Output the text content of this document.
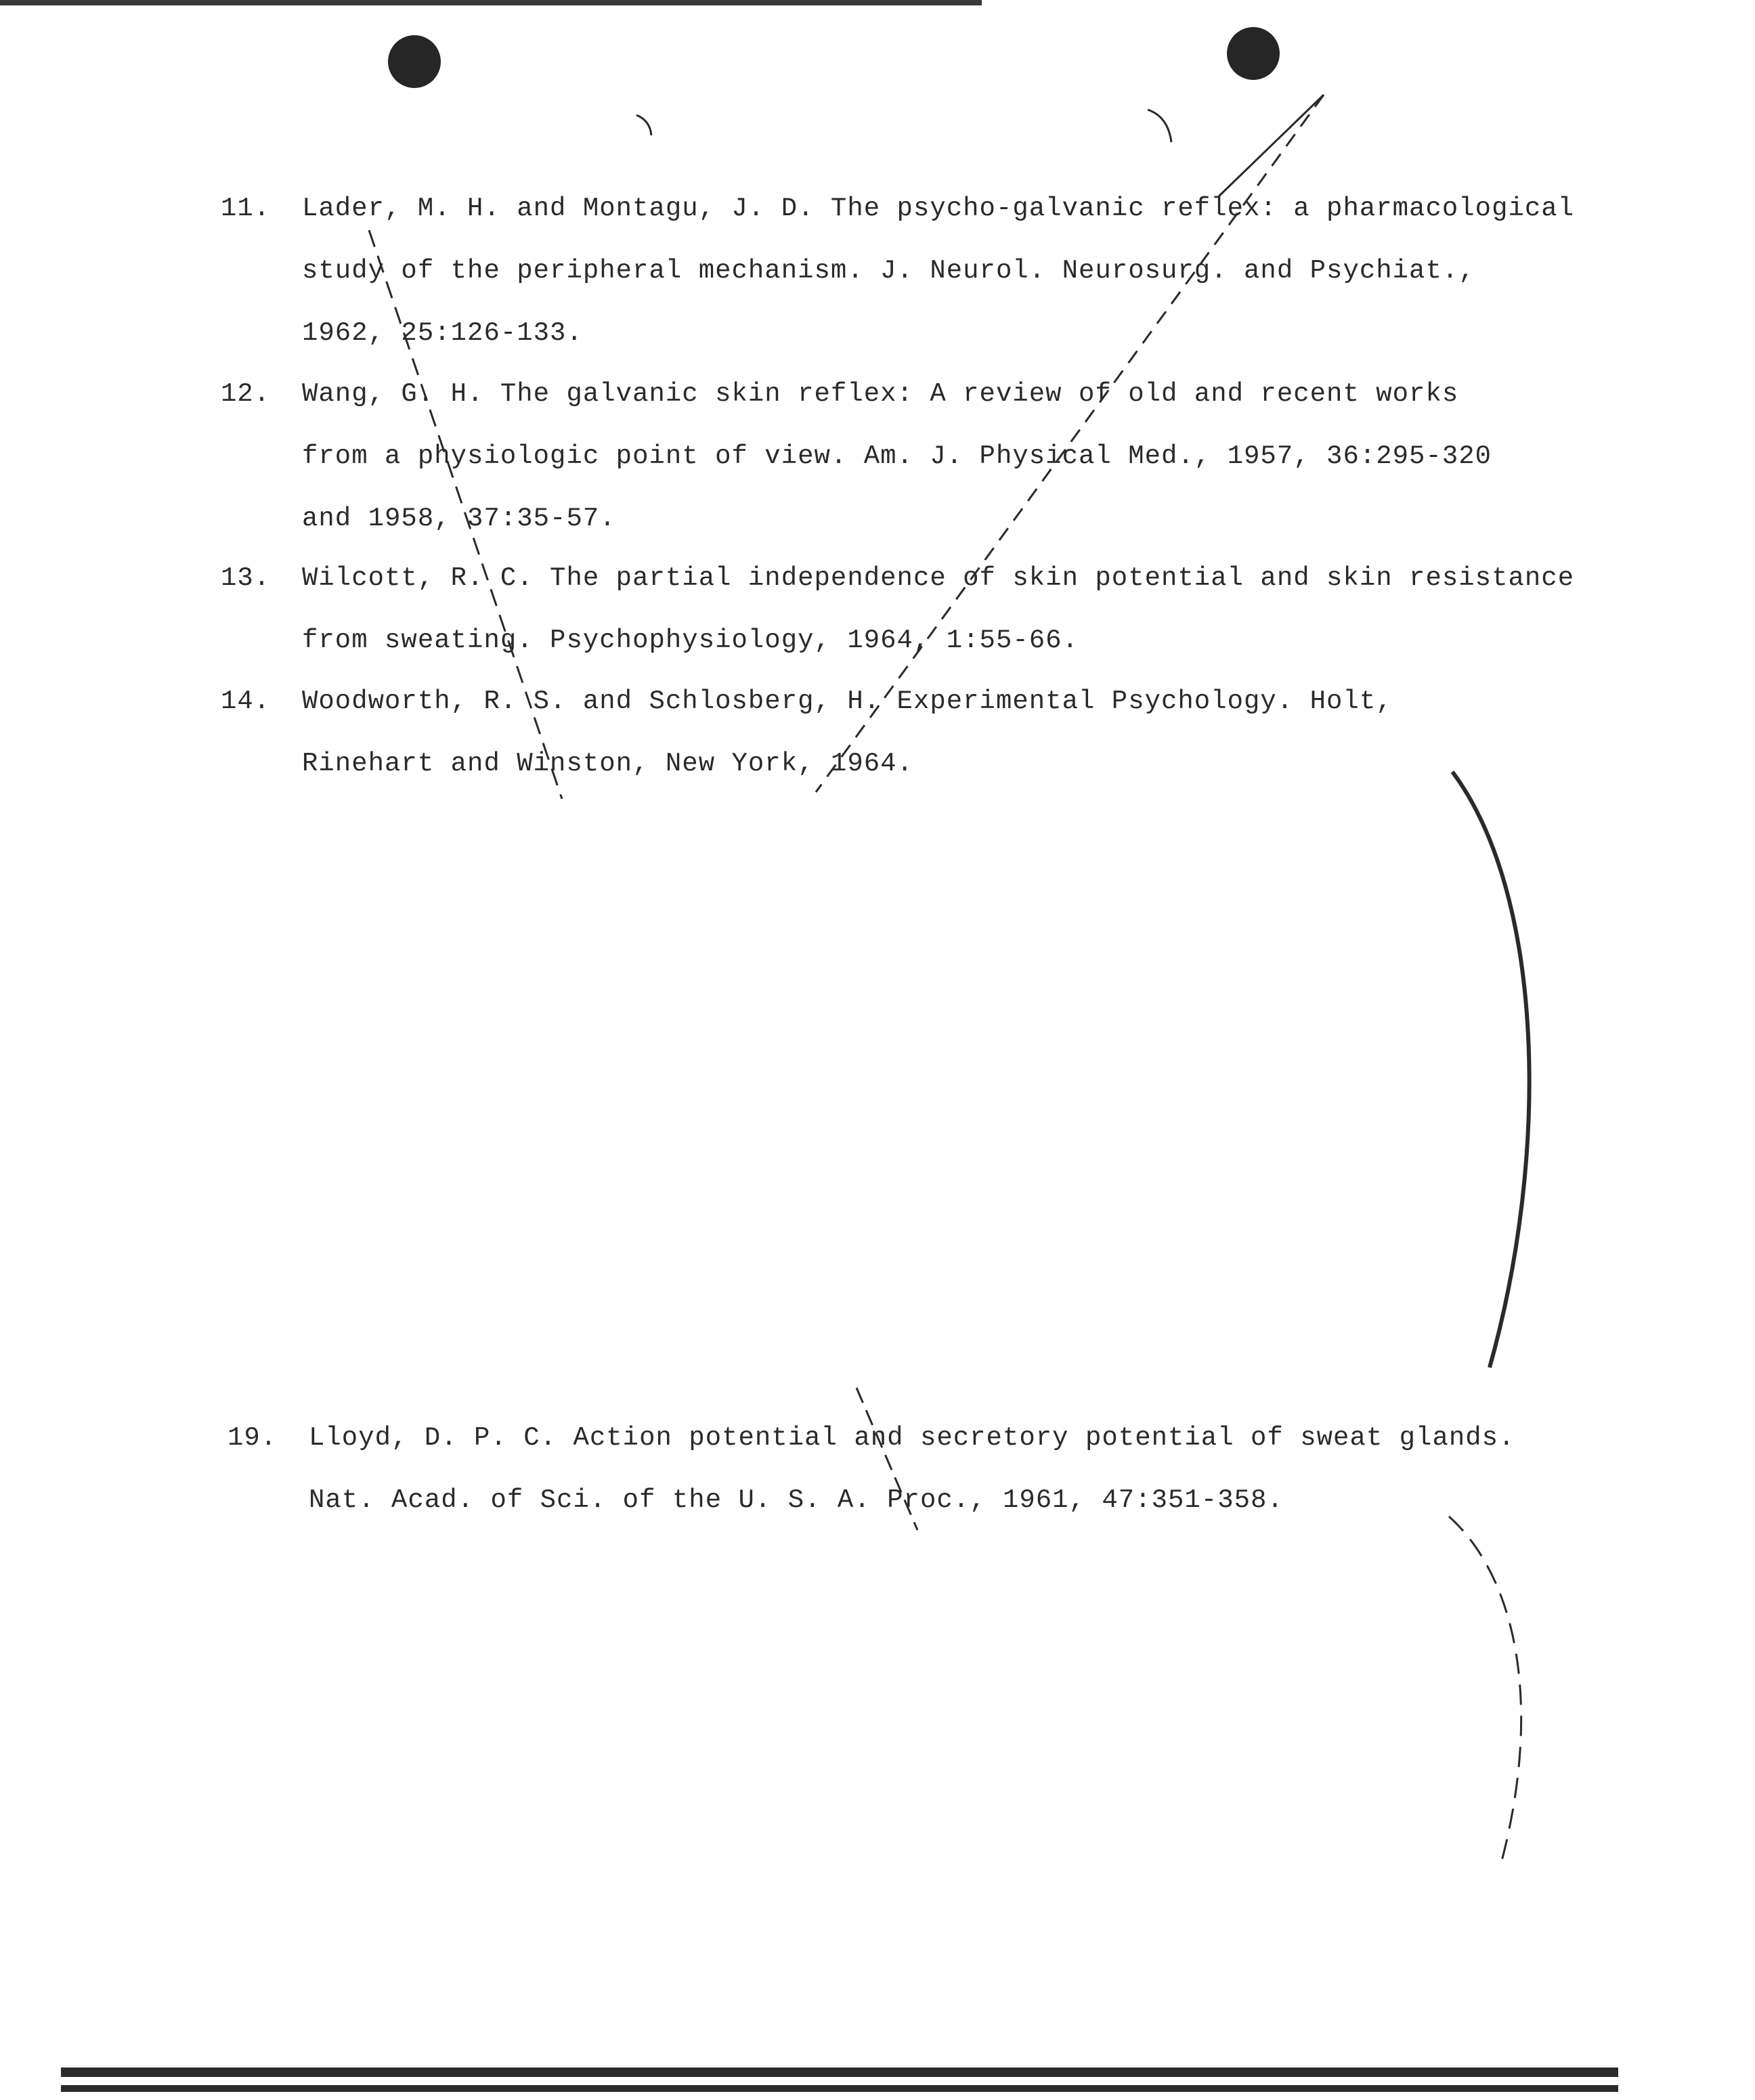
11.	Lader, M. H. and Montagu, J. D. The psycho-galvanic reflex: a pharmacological
study of the peripheral mechanism. J. Neurol. Neurosurg. and Psychiat.,
1962, 25:126-133.
12.	Wang, G. H. The galvanic skin reflex: A review of old and recent works
from a physiologic point of view. Am. J. Physical Med., 1957, 36:295-320
and 1958, 37:35-57.
13.	Wilcott, R. C. The partial independence of skin potential and skin resistance
from sweating. Psychophysiology, 1964, 1:55-66.
14.	Woodworth, R. S. and Schlosberg, H. Experimental Psychology. Holt,
Rinehart and Winston, New York, 1964.
19.	Lloyd, D. P. C. Action potential and secretory potential of sweat glands.
Nat. Acad. of Sci. of the U. S. A. Proc., 1961, 47:351-358.
